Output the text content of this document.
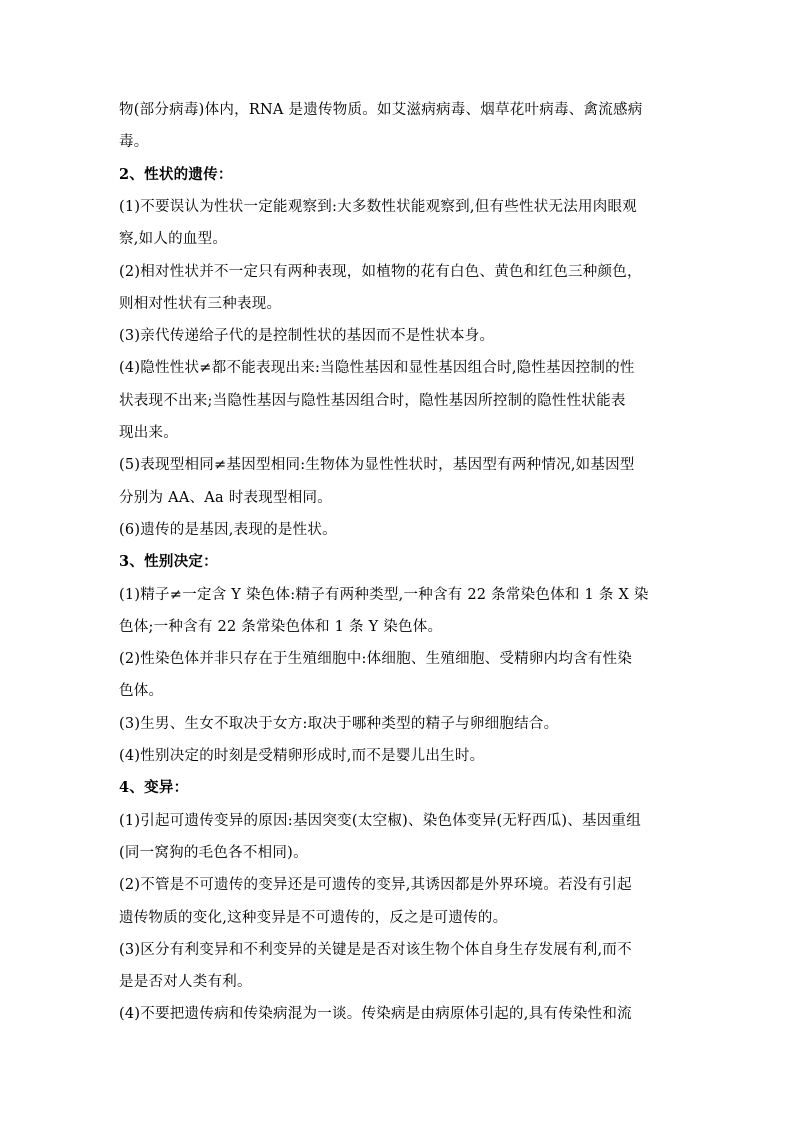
物(部分病毒)体内，RNA 是遗传物质。如艾滋病病毒、烟草花叶病毒、禽流感病
毒。
2、性状的遗传：
(1)不要误认为性状一定能观察到:大多数性状能观察到,但有些性状无法用肉眼观
察,如人的血型。
(2)相对性状并不一定只有两种表现，如植物的花有白色、黄色和红色三种颜色，
则相对性状有三种表现。
(3)亲代传递给子代的是控制性状的基因而不是性状本身。
(4)隐性性状≠都不能表现出来:当隐性基因和显性基因组合时,隐性基因控制的性
状表现不出来;当隐性基因与隐性基因组合时，隐性基因所控制的隐性性状能表
现出来。
(5)表现型相同≠基因型相同:生物体为显性性状时，基因型有两种情况,如基因型
分别为 AA、Aa 时表现型相同。
(6)遗传的是基因,表现的是性状。
3、性别决定：
(1)精子≠一定含 Y 染色体:精子有两种类型,一种含有 22 条常染色体和 1 条 X 染
色体;一种含有 22 条常染色体和 1 条 Y 染色体。
(2)性染色体并非只存在于生殖细胞中:体细胞、生殖细胞、受精卵内均含有性染
色体。
(3)生男、生女不取决于女方:取决于哪种类型的精子与卵细胞结合。
(4)性别决定的时刻是受精卵形成时,而不是婴儿出生时。
4、变异：
(1)引起可遗传变异的原因:基因突变(太空椒)、染色体变异(无籽西瓜)、基因重组
(同一窝狗的毛色各不相同)。
(2)不管是不可遗传的变异还是可遗传的变异,其诱因都是外界环境。若没有引起
遗传物质的变化,这种变异是不可遗传的，反之是可遗传的。
(3)区分有利变异和不利变异的关键是是否对该生物个体自身生存发展有利,而不
是是否对人类有利。
(4)不要把遗传病和传染病混为一谈。传染病是由病原体引起的,具有传染性和流
